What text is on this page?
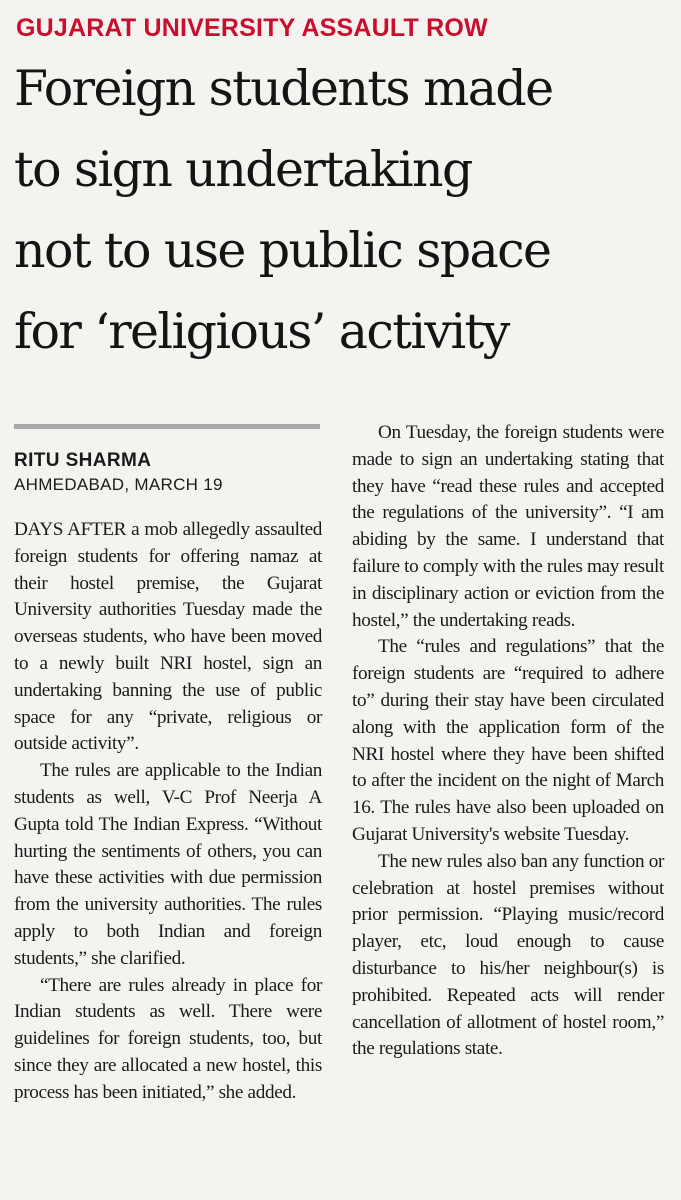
GUJARAT UNIVERSITY ASSAULT ROW
Foreign students made
to sign undertaking
not to use public space
for ‘religious’ activity
RITU SHARMA
AHMEDABAD, MARCH 19

DAYS AFTER a mob allegedly assaulted foreign students for offering namaz at their hostel premise, the Gujarat University authorities Tuesday made the overseas students, who have been moved to a newly built NRI hostel, sign an undertaking banning the use of public space for any “private, religious or outside activity”.

The rules are applicable to the Indian students as well, V-C Prof Neerja A Gupta told The Indian Express. “Without hurting the sentiments of others, you can have these activities with due permission from the university authorities. The rules apply to both Indian and foreign students,” she clarified.

“There are rules already in place for Indian students as well. There were guidelines for foreign students, too, but since they are allocated a new hostel, this process has been initiated,” she added.

On Tuesday, the foreign students were made to sign an undertaking stating that they have “read these rules and accepted the regulations of the university”. “I am abiding by the same. I understand that failure to comply with the rules may result in disciplinary action or eviction from the hostel,” the undertaking reads.

The “rules and regulations” that the foreign students are “required to adhere to” during their stay have been circulated along with the application form of the NRI hostel where they have been shifted to after the incident on the night of March 16. The rules have also been uploaded on Gujarat University's website Tuesday.

The new rules also ban any function or celebration at hostel premises without prior permission. “Playing music/record player, etc, loud enough to cause disturbance to his/her neighbour(s) is prohibited. Repeated acts will render cancellation of allotment of hostel room,” the regulations state.
